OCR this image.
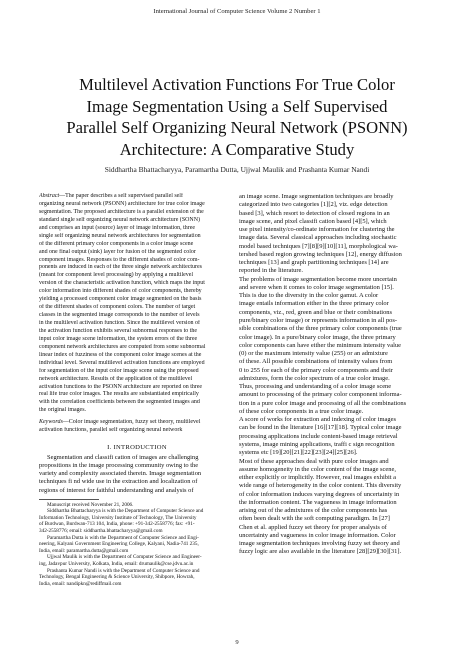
International Journal of Computer Science Volume 2 Number 1
Multilevel Activation Functions For True Color
Image Segmentation Using a Self Supervised
Parallel Self Organizing Neural Network (PSONN)
Architecture: A Comparative Study
Siddhartha Bhattacharyya, Paramartha Dutta, Ujjwal Maulik and Prashanta Kumar Nandi
Abstract—The paper describes a self supervised parallel self
organizing neural network (PSONN) architecture for true color image
segmentation. The proposed architecture is a parallel extension of the
standard single self organizing neural network architecture (SONN)
and comprises an input (source) layer of image information, three
single self organizing neural network architectures for segmentation
of the different primary color components in a color image scene
and one final output (sink) layer for fusion of the segmented color
component images. Responses to the different shades of color com-
ponents are induced in each of the three single network architectures
(meant for component level processing) by applying a multilevel
version of the characteristic activation function, which maps the input
color information into different shades of color components, thereby
yielding a processed component color image segmented on the basis
of the different shades of component colors. The number of target
classes in the segmented image corresponds to the number of levels
in the multilevel activation function. Since the multilevel version of
the activation function exhibits several subnormal responses to the
input color image scene information, the system errors of the three
component network architectures are computed from some subnormal
linear index of fuzziness of the component color image scenes at the
individual level. Several multilevel activation functions are employed
for segmentation of the input color image scene using the proposed
network architecture. Results of the application of the multilevel
activation functions to the PSONN architecture are reported on three
real life true color images. The results are substantiated empirically
with the correlation coefficients between the segmented images and
the original images.
Keywords—Color image segmentation, fuzzy set theory, multilevel
activation functions, parallel self organizing neural network
I. INTRODUCTION
Segmentation and classifi cation of images are challenging
propositions in the image processing community owing to the
variety and complexity associated therein. Image segmentation
techniques fi nd wide use in the extraction and localization of
regions of interest for faithful understanding and analysis of
Manuscript received November 21, 2006.
Siddhartha Bhattacharyya is with the Department of Computer Science and
Information Technology, University Institute of Technology, The University
of Burdwan, Burdwan-713 104, India, phone: +91-342-2558776; fax: +91-
342-2558776; email: siddhartha.bhattacharyya@gmail.com
Paramartha Dutta is with the Department of Computer Science and Engi-
neering, Kalyani Government Engineering College, Kalyani, Nadia-741 235,
India, email: paramartha.dutta@gmail.com
Ujjwal Maulik is with the Department of Computer Science and Engineer-
ing, Jadavpur University, Kolkata, India, email: drumaulik@cse.jdvu.ac.in
Prashanta Kumar Nandi is with the Department of Computer Science and
Technology, Bengal Engineering & Science University, Shibpore, Howrah,
India, email: nandipkn@rediffmail.com
an image scene. Image segmentation techniques are broadly
categorized into two categories [1][2], viz. edge detection
based [3], which resort to detection of closed regions in an
image scene, and pixel classifi cation based [4][5], which
use pixel intensity/co-ordinate information for clustering the
image data. Several classical approaches including stochastic
model based techniques [7][8][9][10][11], morphological wa-
tershed based region growing techniques [12], energy diffusion
techniques [13] and graph partitioning techniques [14] are
reported in the literature.
The problems of image segmentation become more uncertain
and severe when it comes to color image segmentation [15].
This is due to the diversity in the color gamut. A color
image entails information either in the three primary color
components, viz., red, green and blue or their combinations
pure/binary color image) or represents information in all pos-
sible combinations of the three primary color components (true
color image). In a pure/binary color image, the three primary
color components can have either the minimum intensity value
(0) or the maximum intensity value (255) or an admixture
of these. All possible combinations of intensity values from
0 to 255 for each of the primary color components and their
admixtures, form the color spectrum of a true color image.
Thus, processing and understanding of a color image scene
amount to processing of the primary color component informa-
tion in a pure color image and processing of all the combinations
of these color components in a true color image.
A score of works for extraction and indexing of color images
can be found in the literature [16][17][18]. Typical color image
processing applications include content-based image retrieval
systems, image mining applications, traffi c sign recognition
systems etc [19][20][21][22][23][24][25][26].
Most of these approaches deal with pure color images and
assume homogeneity in the color content of the image scene,
either explicitly or implicitly. However, real images exhibit a
wide range of heterogeneity in the color content. This diversity
of color information induces varying degrees of uncertainty in
the information content. The vagueness in image information
arising out of the admixtures of the color components has
often been dealt with the soft computing paradigm. In [27]
Chen et al. applied fuzzy set theory for proper analysis of
uncertainty and vagueness in color image information. Color
image segmentation techniques involving fuzzy set theory and
fuzzy logic are also available in the literature [28][29][30][31].
9
